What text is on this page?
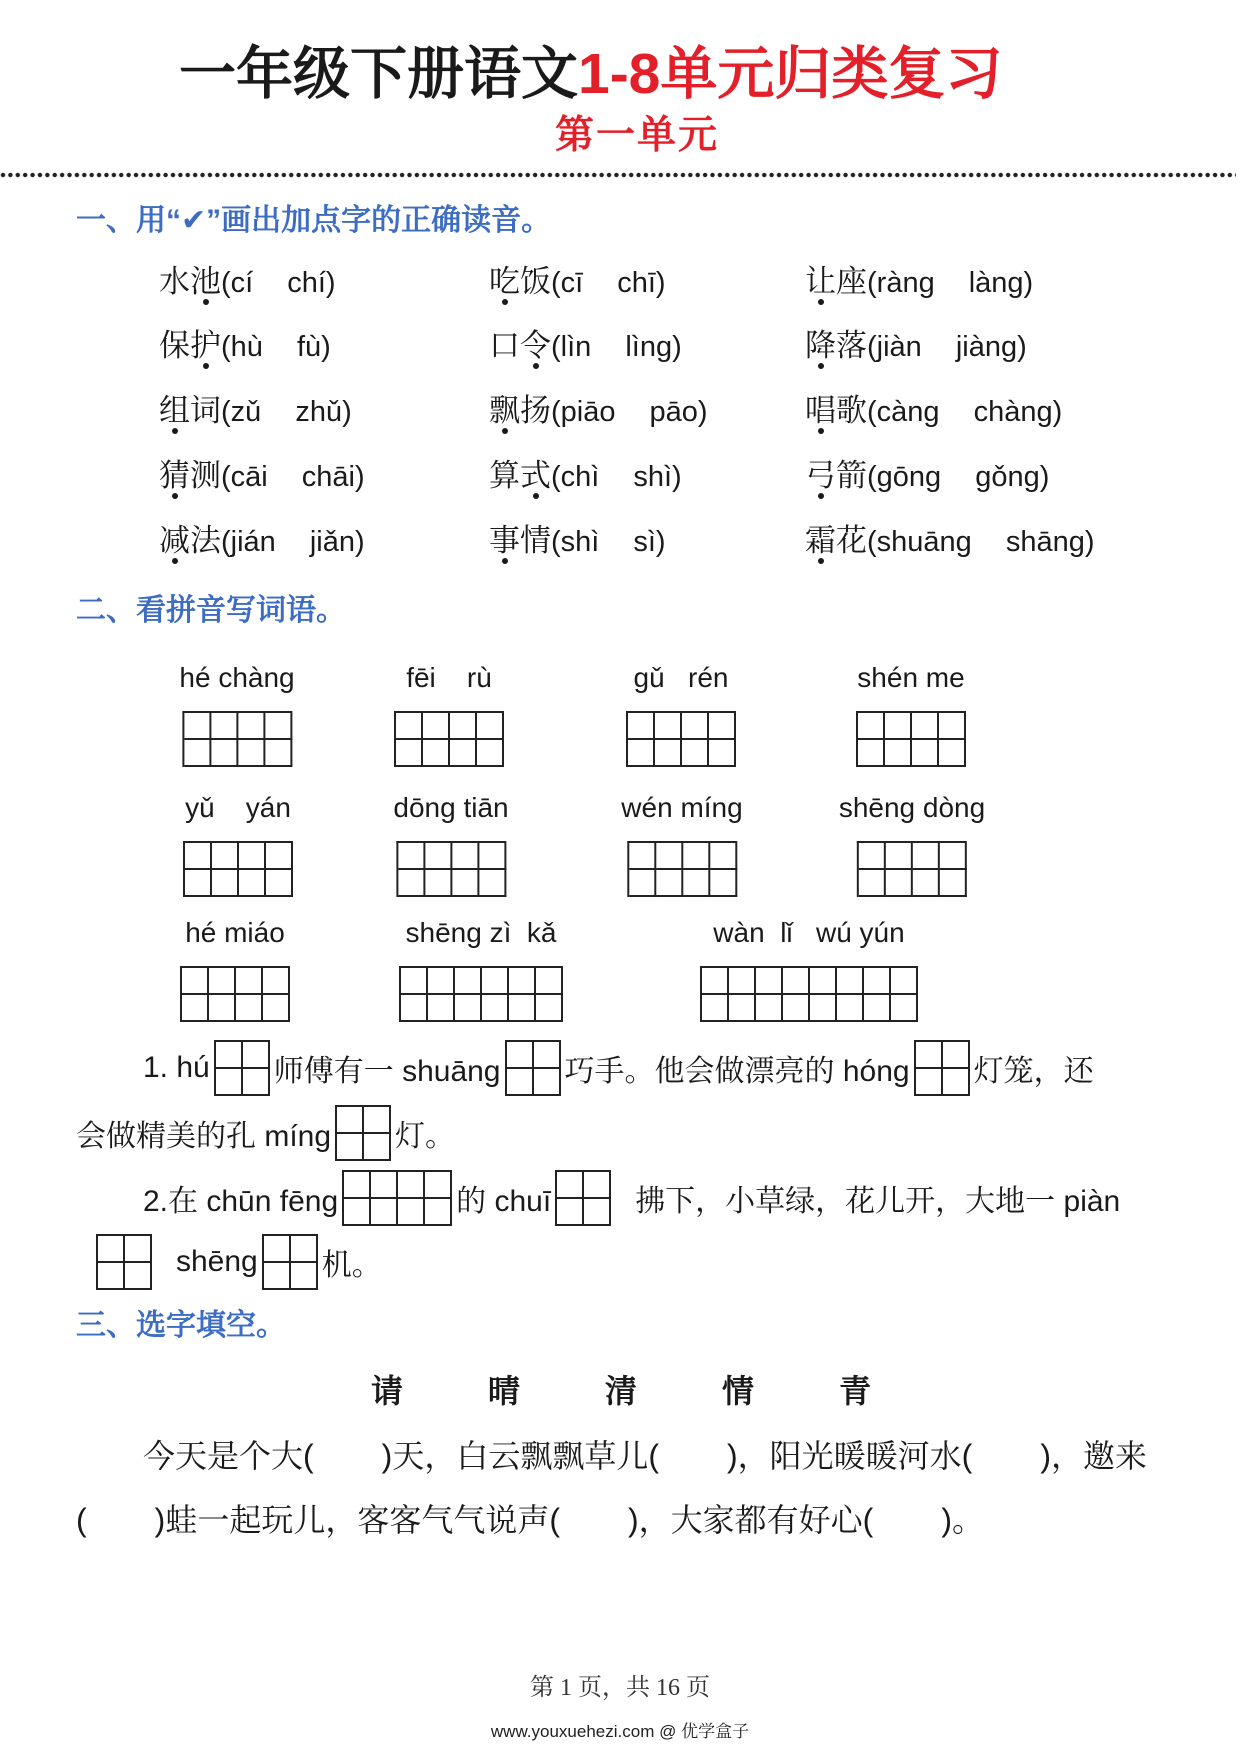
一年级下册语文1-8单元归类复习
第一单元
一、用“✔”画出加点字的正确读音。
水池 ( cí chí )	吃饭 ( cī chī )	让座 ( ràng làng )
保护 ( hù fù )	口令 ( lìn lìng )	降落 ( jiàn jiàng )
组词 ( zǔ zhǔ )	飘扬 ( piāo pāo )	唱歌 ( càng chàng )
猜测 ( cāi chāi )	算式 ( chì shì )	弓箭 ( gōng gǒng )
减法 ( jián jiǎn )	事情 ( shì sì )	霜花 ( shuāng shāng )
二、看拼音写词语。
hé chàng	fēi    rù	gǔ   rén	shén me
yǔ    yán	dōng tiān	wén míng	shēng dòng
hé miáo	shēng zì  kǎ	wàn  lǐ   wú yún
1. hú 师傅有一 shuāng 巧手。他会做漂亮的 hóng 灯笼，还
会做精美的孔 míng 灯。
2.在 chūn fēng	的 chuī	拂下，小草绿，花儿开，大地一 piàn
shēng 机。
三、选字填空。
请	晴	清	情	青
今天是个大( )天，白云飘飘草儿( )，阳光暖暖河水( )，邀来
( )蛙一起玩儿，客客气气说声( )，大家都有好心( )。
第 1 页，共 16 页
www.youxuehezi.com @ 优学盒子
